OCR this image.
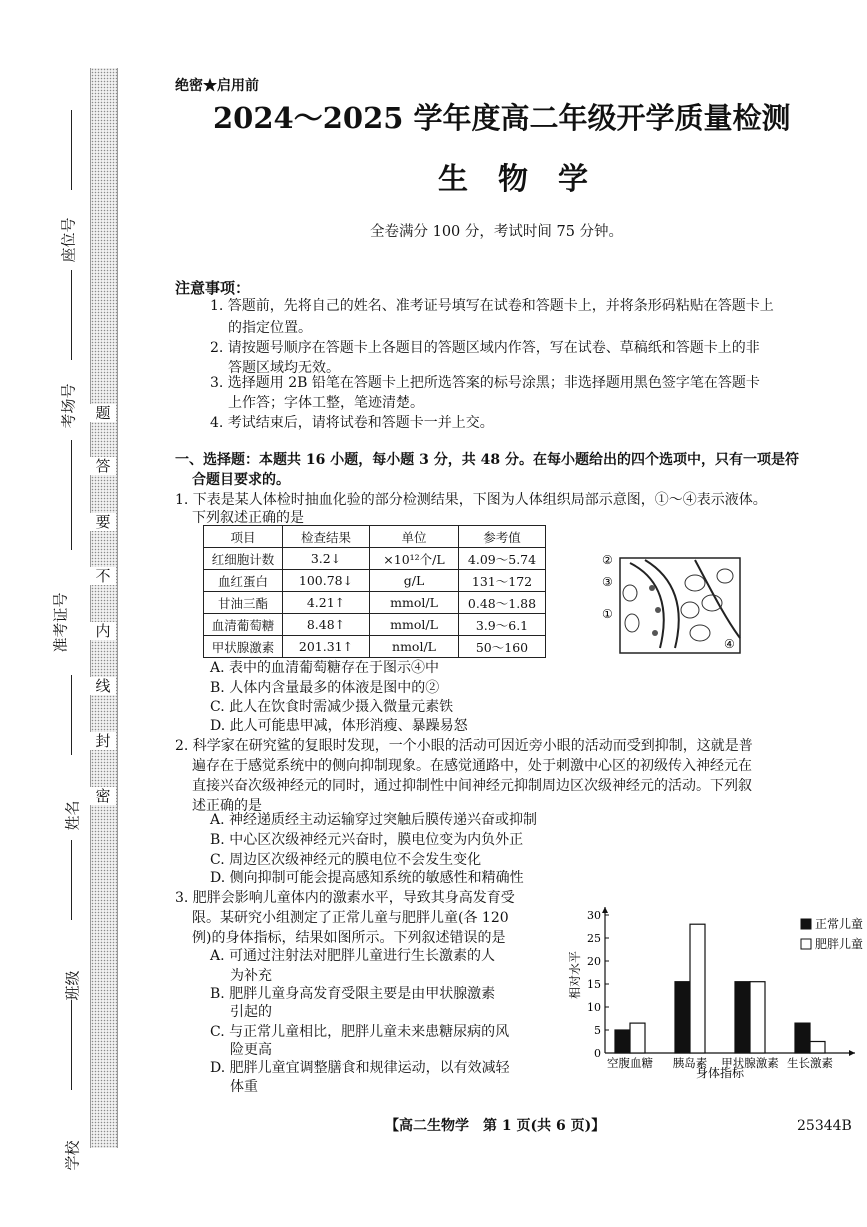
题
答
要
不
内
线
封
密
座位号
考场号
准考证号
姓名
班级
学校
绝密★启用前
2024～2025 学年度高二年级开学质量检测
生　物　学
全卷满分 100 分，考试时间 75 分钟。
注意事项：
1. 答题前，先将自己的姓名、准考证号填写在试卷和答题卡上，并将条形码粘贴在答题卡上
的指定位置。
2. 请按题号顺序在答题卡上各题目的答题区域内作答，写在试卷、草稿纸和答题卡上的非
答题区域均无效。
3. 选择题用 2B 铅笔在答题卡上把所选答案的标号涂黑；非选择题用黑色签字笔在答题卡
上作答；字体工整，笔迹清楚。
4. 考试结束后，请将试卷和答题卡一并上交。
一、选择题：本题共 16 小题，每小题 3 分，共 48 分。在每小题给出的四个选项中，只有一项是符
合题目要求的。
1. 下表是某人体检时抽血化验的部分检测结果，下图为人体组织局部示意图，①～④表示液体。
下列叙述正确的是
项目	检查结果	单位	参考值
红细胞计数	3.2↓	×10¹²个/L	4.09～5.74
血红蛋白	100.78↓	g/L	131～172
甘油三酯	4.21↑	mmol/L	0.48～1.88
血清葡萄糖	8.48↑	mmol/L	3.9～6.1
甲状腺激素	201.31↑	nmol/L	50～160
②
③
①
④
A. 表中的血清葡萄糖存在于图示④中
B. 人体内含量最多的体液是图中的②
C. 此人在饮食时需减少摄入微量元素铁
D. 此人可能患甲减，体形消瘦、暴躁易怒
2. 科学家在研究鲨的复眼时发现，一个小眼的活动可因近旁小眼的活动而受到抑制，这就是普
遍存在于感觉系统中的侧向抑制现象。在感觉通路中，处于刺激中心区的初级传入神经元在
直接兴奋次级神经元的同时，通过抑制性中间神经元抑制周边区次级神经元的活动。下列叙
述正确的是
A. 神经递质经主动运输穿过突触后膜传递兴奋或抑制
B. 中心区次级神经元兴奋时，膜电位变为内负外正
C. 周边区次级神经元的膜电位不会发生变化
D. 侧向抑制可能会提高感知系统的敏感性和精确性
3. 肥胖会影响儿童体内的激素水平，导致其身高发育受
限。某研究小组测定了正常儿童与肥胖儿童(各 120
例)的身体指标，结果如图所示。下列叙述错误的是
A. 可通过注射法对肥胖儿童进行生长激素的人
为补充
B. 肥胖儿童身高发育受限主要是由甲状腺激素
引起的
C. 与正常儿童相比，肥胖儿童未来患糖尿病的风
险更高
D. 肥胖儿童宜调整膳食和规律运动，以有效减轻
体重
0
5
10
15
20
25
30
空腹血糖 胰岛素 甲状腺激素 生长激素
相对水平
身体指标
正常儿童
肥胖儿童
【高二生物学　第 1 页(共 6 页)】	25344B
